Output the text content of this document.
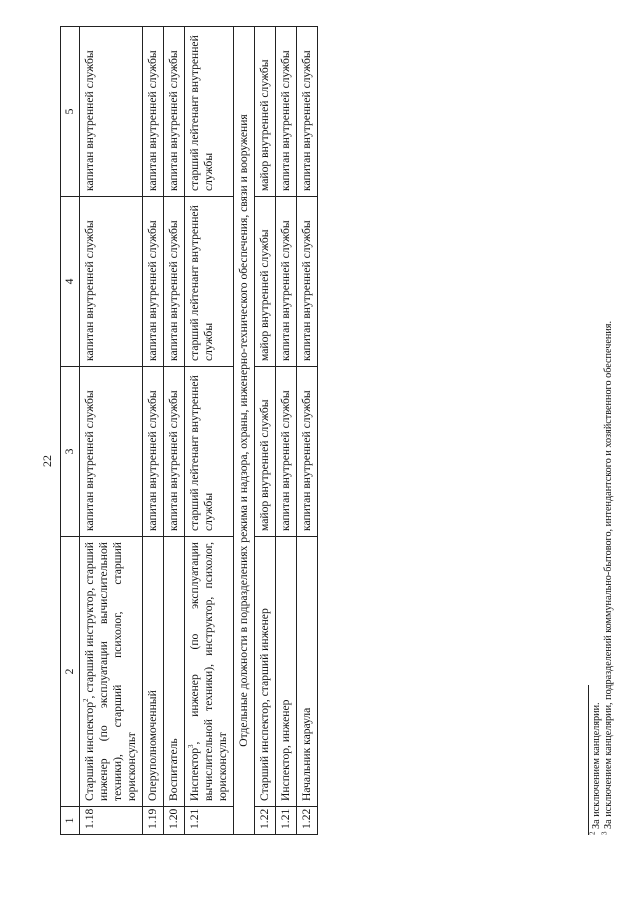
22
1	2	3	4	5
1.18	Старший инспектор$^2$, старший инструктор, старший инженер (по эксплуатации вычислительной техники), старший психолог, старший юрисконсульт	капитан внутренней службы	капитан внутренней службы	капитан внутренней службы
1.19	Оперуполномоченный	капитан внутренней службы	капитан внутренней службы	капитан внутренней службы
1.20	Воспитатель	капитан внутренней службы	капитан внутренней службы	капитан внутренней службы
1.21	Инспектор$^3$, инженер (по эксплуатации вычислительной техники), инструктор, психолог, юрисконсульт	старший лейтенант внутренней службы	старший лейтенант внутренней службы	старший лейтенант внутренней службы
Отдельные должности в подразделениях режима и надзора, охраны, инженерно-технического обеспечения, связи и вооружения				
1.22	Старший инспектор, старший инженер	майор внутренней службы	майор внутренней службы	майор внутренней службы
1.21	Инспектор, инженер	капитан внутренней службы	капитан внутренней службы	капитан внутренней службы
1.22	Начальник караула	капитан внутренней службы	капитан внутренней службы	капитан внутренней службы
$^2$ За исключением канцелярии.
$^3$ За исключением канцелярии, подразделений коммунально-бытового, интендантского и хозяйственного обеспечения.
